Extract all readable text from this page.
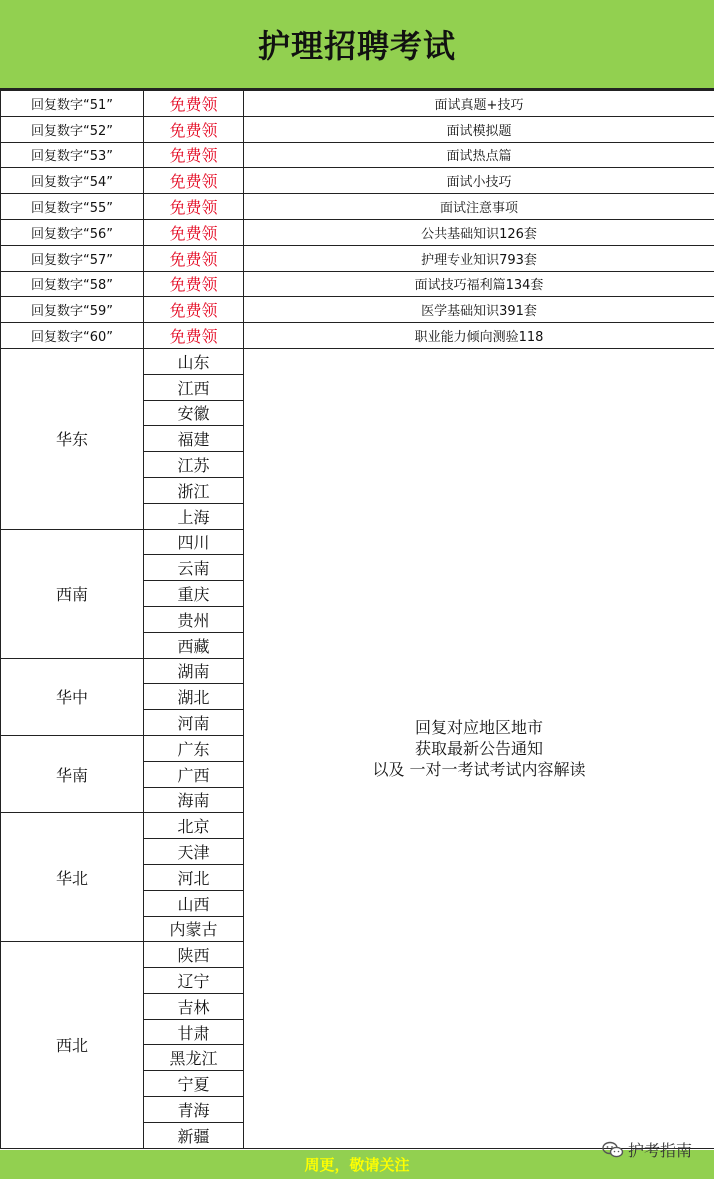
护理招聘考试
回复数字“51”	免费领	面试真题+技巧
回复数字“52”	免费领	面试模拟题
回复数字“53”	免费领	面试热点篇
回复数字“54”	免费领	面试小技巧
回复数字“55”	免费领	面试注意事项
回复数字“56”	免费领	公共基础知识126套
回复数字“57”	免费领	护理专业知识793套
回复数字“58”	免费领	面试技巧福利篇134套
回复数字“59”	免费领	医学基础知识391套
回复数字“60”	免费领	职业能力倾向测验118
华东	山东	回复对应地区地市
获取最新公告通知
以及 一对一考试考试内容解读

	江西	
	安徽	
	福建	
	江苏	
	浙江	
	上海	
西南	四川	
	云南	
	重庆	
	贵州	
	西藏	
华中	湖南	
	湖北	
	河南	
华南	广东	
	广西	
	海南	
华北	北京	
	天津	
	河北	
	山西	
	内蒙古	
西北	陕西	
	辽宁	
	吉林	
	甘肃	
	黑龙江	
	宁夏	
	青海	
	新疆	
周更，敬请关注
护考指南
